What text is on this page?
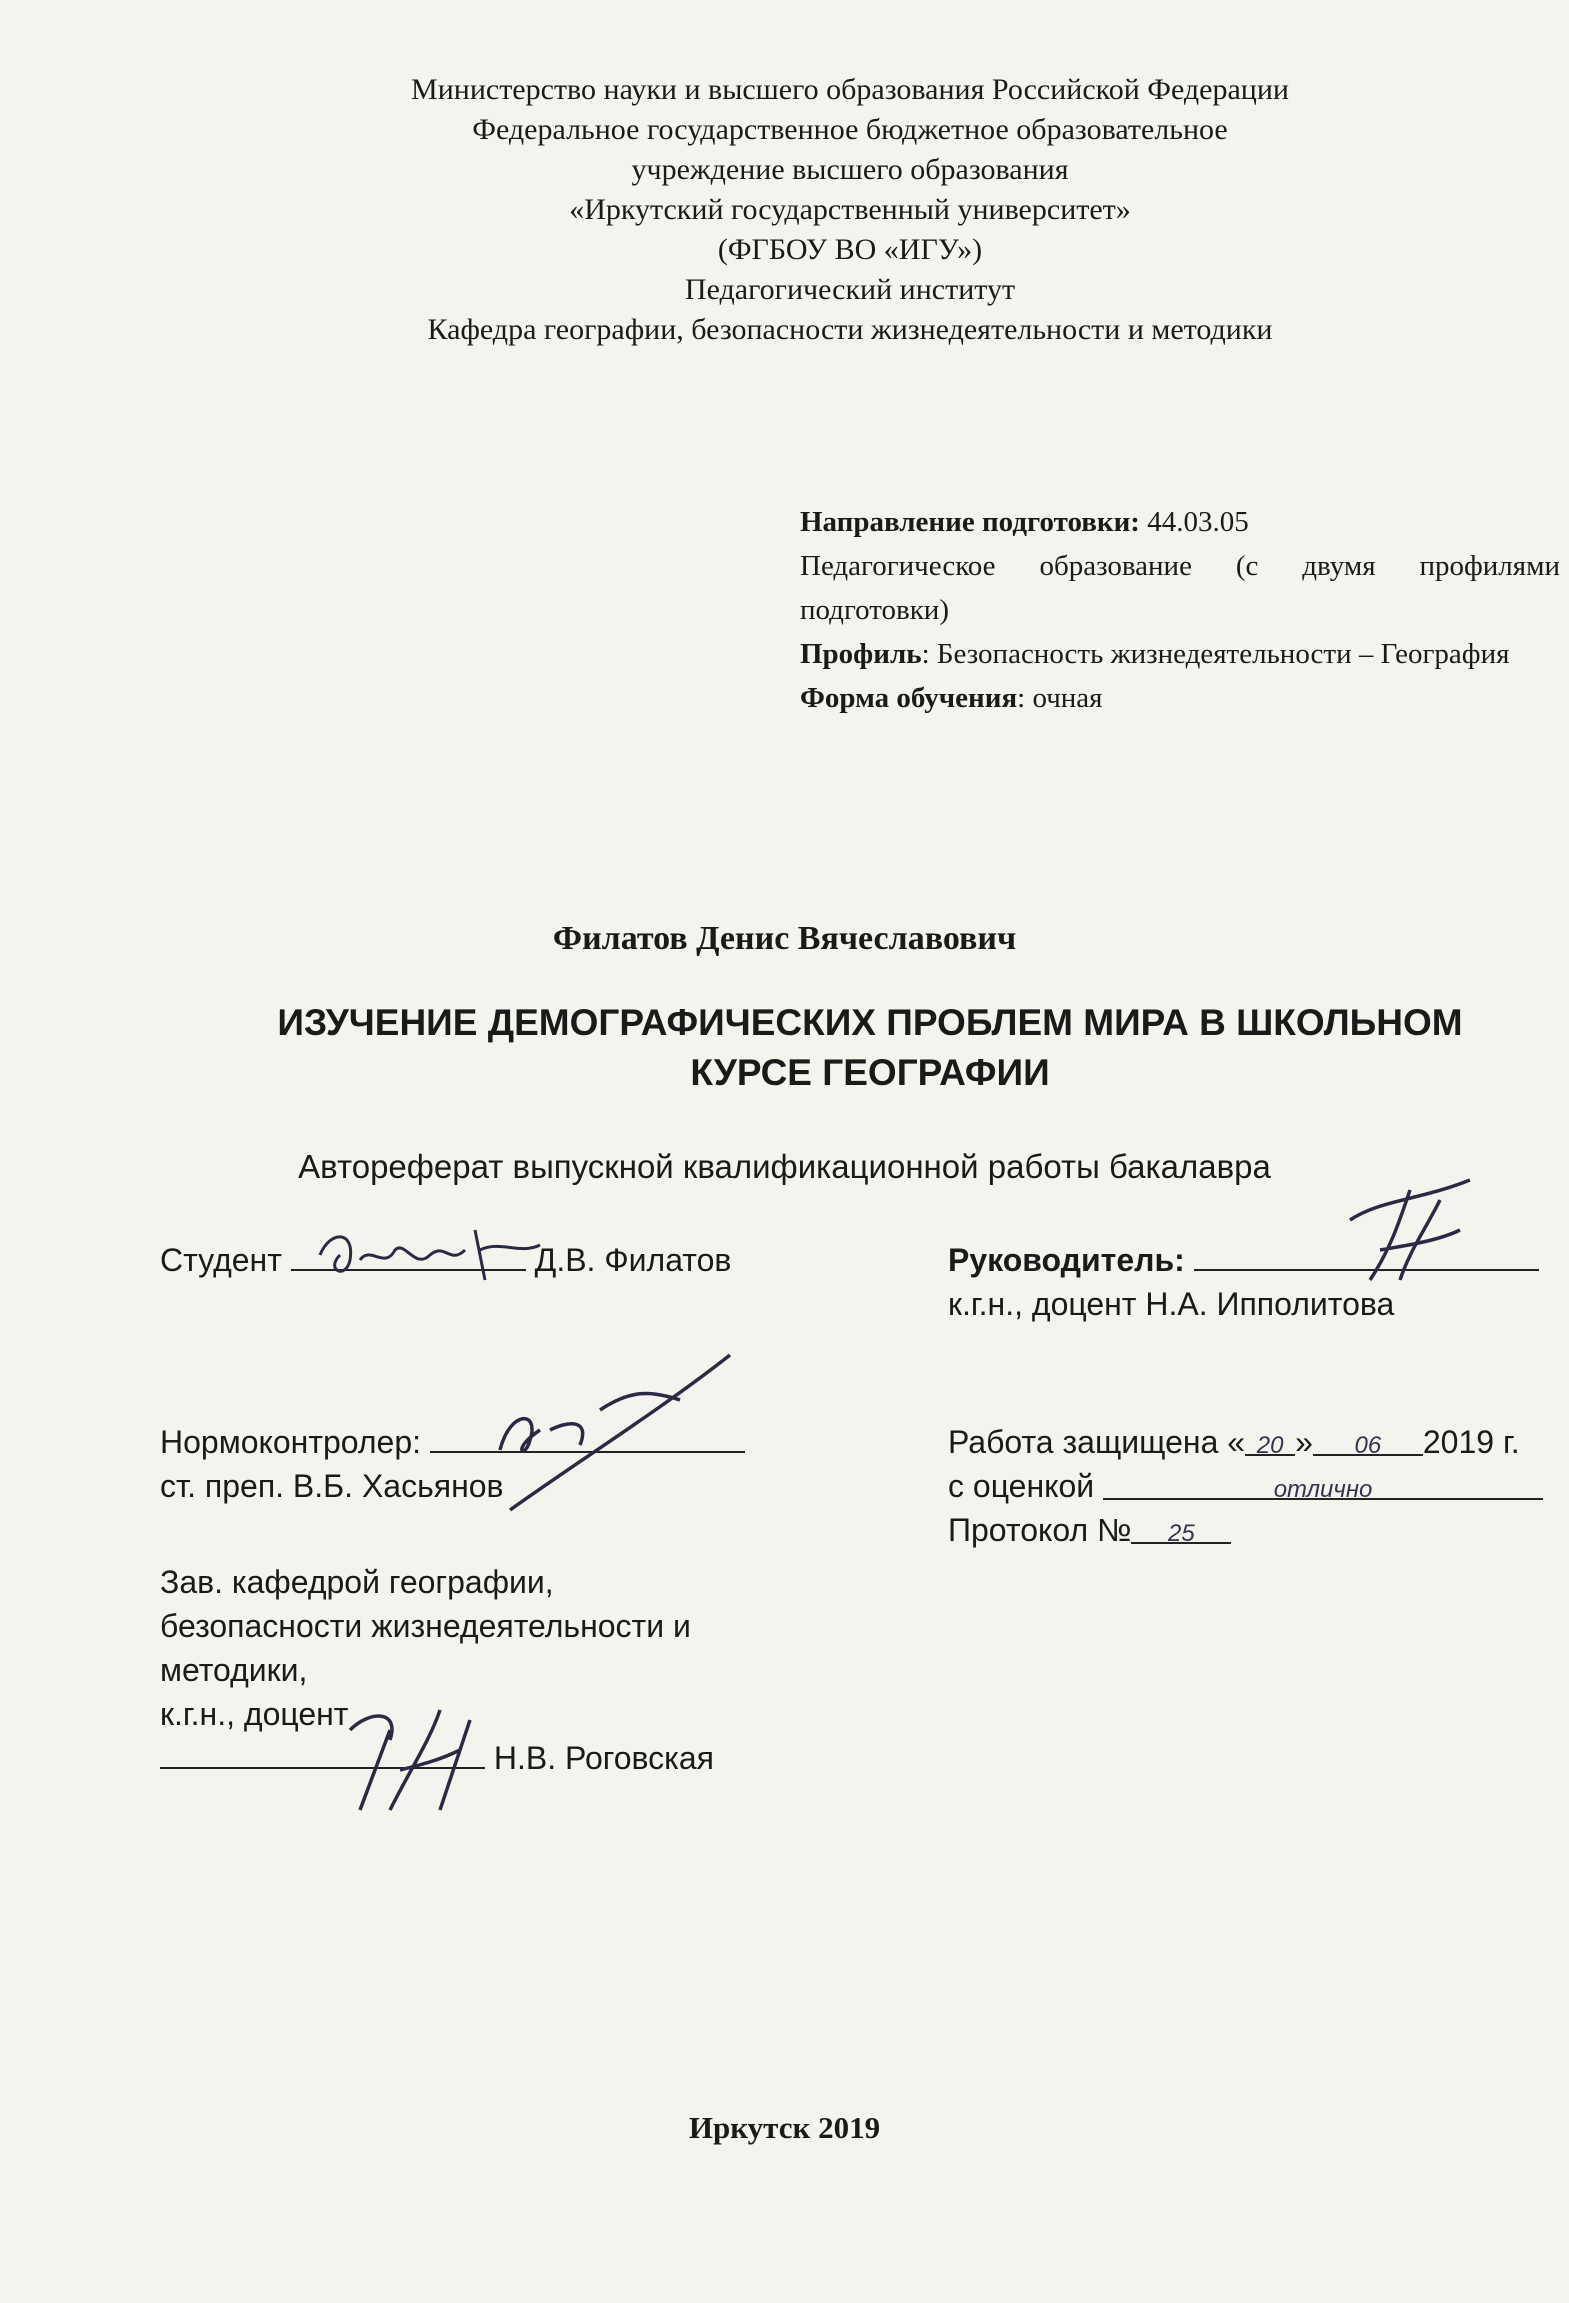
Министерство науки и высшего образования Российской Федерации
Федеральное государственное бюджетное образовательное
учреждение высшего образования
«Иркутский государственный университет»
(ФГБОУ ВО «ИГУ»)
Педагогический институт
Кафедра географии, безопасности жизнедеятельности и методики
Направление подготовки: 44.03.05
Педагогическое образование (с двумя профилями подготовки)
Профиль: Безопасность жизнедеятельности – География
Форма обучения: очная
Филатов Денис Вячеславович
ИЗУЧЕНИЕ ДЕМОГРАФИЧЕСКИХ ПРОБЛЕМ МИРА В ШКОЛЬНОМ
КУРСЕ ГЕОГРАФИИ
Автореферат выпускной квалификационной работы бакалавра
Студент	Д.В. Филатов	Руководитель:
к.г.н., доцент Н.А. Ипполитова
Нормоконтролер:
ст. преп. В.Б. Хасьянов
Работа защищена « 20 » 06 2019 г.
с оценкой	отлично
Протокол № 25
Зав. кафедрой географии,
безопасности жизнедеятельности и
методики,
к.г.н., доцент
Н.В. Роговская
Иркутск 2019
